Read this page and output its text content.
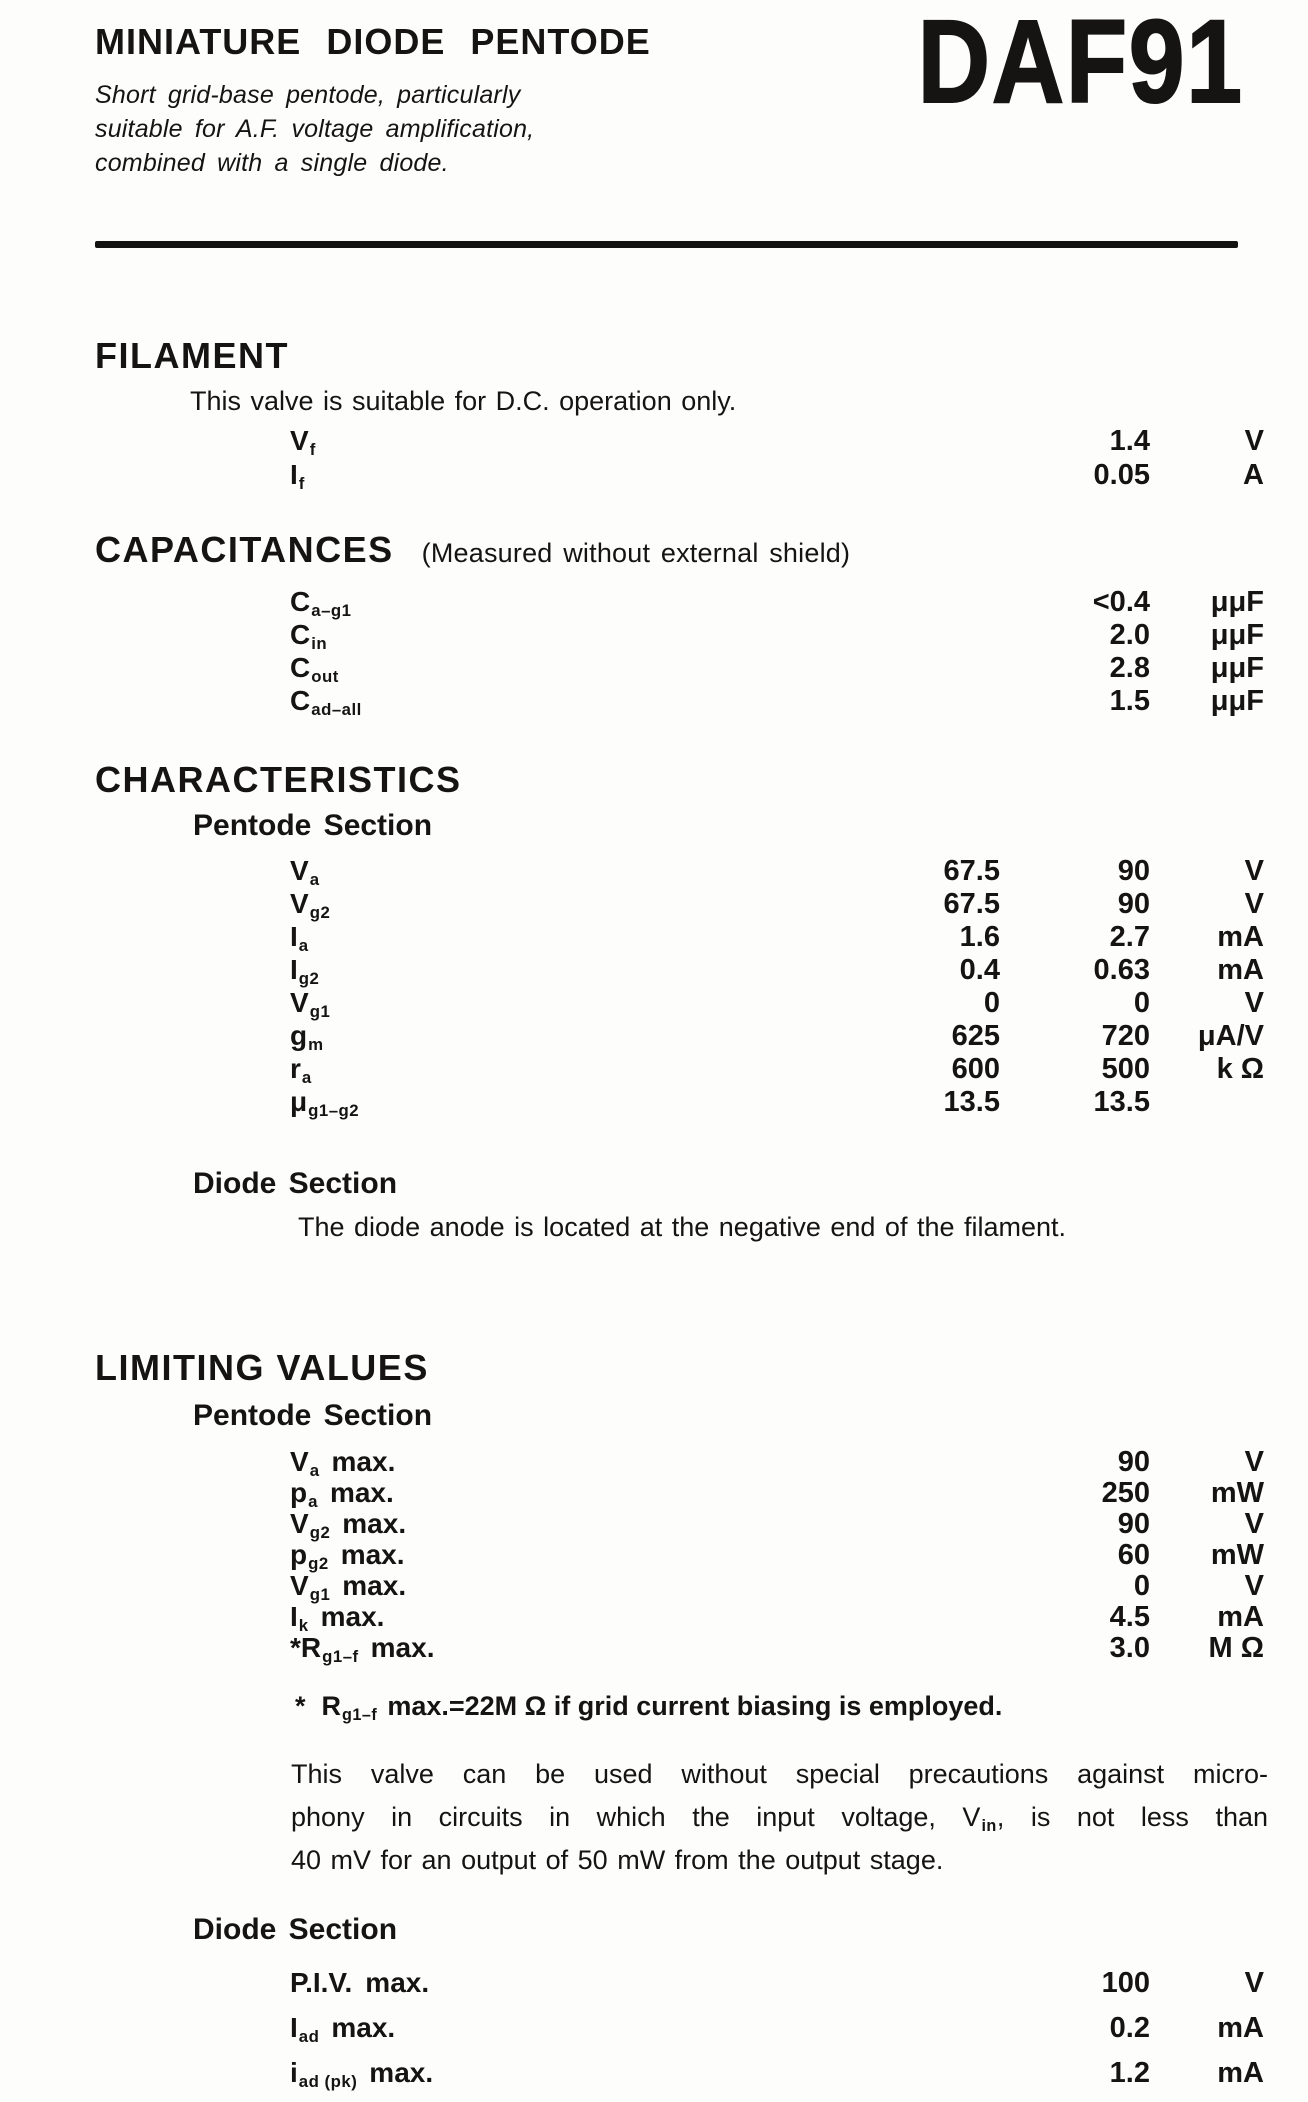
MINIATURE DIODE PENTODE
Short grid-base pentode, particularly
suitable for A.F. voltage amplification,
combined with a single diode.
DAF91
FILAMENT
This valve is suitable for D.C. operation only.
$V_f$	1.4	V
$I_f$	0.05	A
CAPACITANCES (Measured without external shield)
$C_{a-g1}$	<0.4	μμF
$C_{in}$	2.0	μμF
$C_{out}$	2.8	μμF
$C_{ad-all}$	1.5	μμF
CHARACTERISTICS
Pentode Section
$V_a$	67.5	90	V
$V_{g2}$	67.5	90	V
$I_a$	1.6	2.7	mA
$I_{g2}$	0.4	0.63	mA
$V_{g1}$	0	0	V
$g_m$	625	720	μA/V
$r_a$	600	500	k Ω
$\mu_{g1-g2}$	13.5	13.5
Diode Section
The diode anode is located at the negative end of the filament.
LIMITING VALUES
Pentode Section
$V_a$ max.	90	V
$p_a$ max.	250	mW
$V_{g2}$ max.	90	V
$p_{g2}$ max.	60	mW
$V_{g1}$ max.	0	V
$I_k$ max.	4.5	mA
$*R_{g1-f}$ max.	3.0	M Ω
* $R_{g1-f}$ max.=22M Ω if grid current biasing is employed.
This valve can be used without special precautions against micro-
phony in circuits in which the input voltage, $V_{in}$, is not less than
40 mV for an output of 50 mW from the output stage.
Diode Section
P.I.V. max.	100	V
$I_{ad}$ max.	0.2	mA
$i_{ad (pk)}$ max.	1.2	mA
